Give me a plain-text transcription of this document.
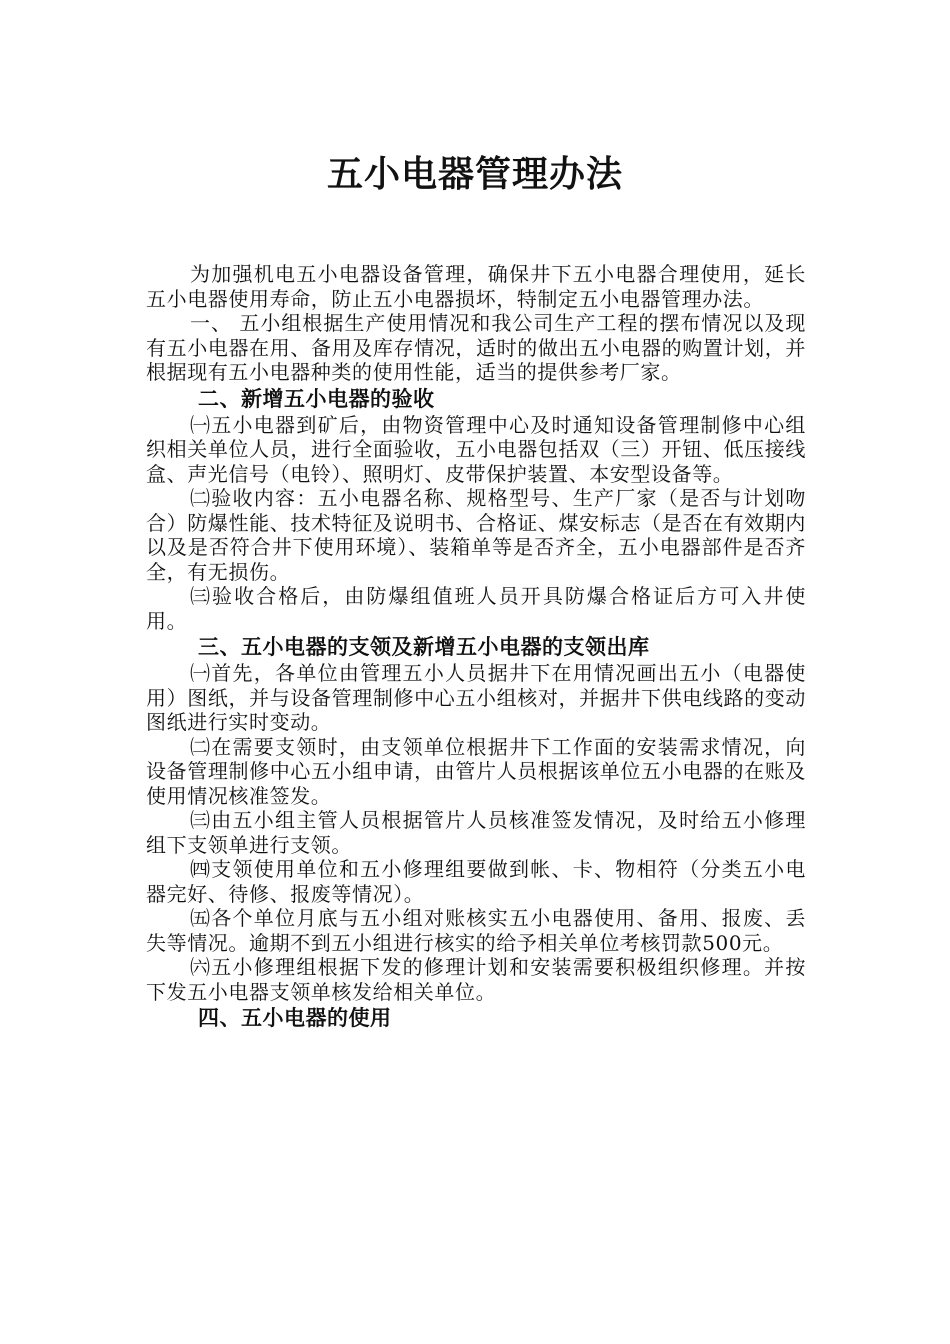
五小电器管理办法

为加强机电五小电器设备管理，确保井下五小电器合理使用，延长五小电器使用寿命，防止五小电器损坏，特制定五小电器管理办法。

一、 五小组根据生产使用情况和我公司生产工程的摆布情况以及现有五小电器在用、备用及库存情况，适时的做出五小电器的购置计划，并根据现有五小电器种类的使用性能，适当的提供参考厂家。

二、新增五小电器的验收

㈠五小电器到矿后，由物资管理中心及时通知设备管理制修中心组织相关单位人员，进行全面验收，五小电器包括双（三）开钮、低压接线盒、声光信号（电铃）、照明灯、皮带保护装置、本安型设备等。

㈡验收内容：五小电器名称、规格型号、生产厂家（是否与计划吻合）防爆性能、技术特征及说明书、合格证、煤安标志（是否在有效期内以及是否符合井下使用环境）、装箱单等是否齐全，五小电器部件是否齐全，有无损伤。

㈢验收合格后，由防爆组值班人员开具防爆合格证后方可入井使用。

三、五小电器的支领及新增五小电器的支领出库

㈠首先，各单位由管理五小人员据井下在用情况画出五小（电器使用）图纸，并与设备管理制修中心五小组核对，并据井下供电线路的变动图纸进行实时变动。

㈡在需要支领时，由支领单位根据井下工作面的安装需求情况，向设备管理制修中心五小组申请，由管片人员根据该单位五小电器的在账及使用情况核准签发。

㈢由五小组主管人员根据管片人员核准签发情况，及时给五小修理组下支领单进行支领。

㈣支领使用单位和五小修理组要做到帐、卡、物相符（分类五小电器完好、待修、报废等情况）。

㈤各个单位月底与五小组对账核实五小电器使用、备用、报废、丢失等情况。逾期不到五小组进行核实的给予相关单位考核罚款500元。

㈥五小修理组根据下发的修理计划和安装需要积极组织修理。并按下发五小电器支领单核发给相关单位。

四、五小电器的使用
